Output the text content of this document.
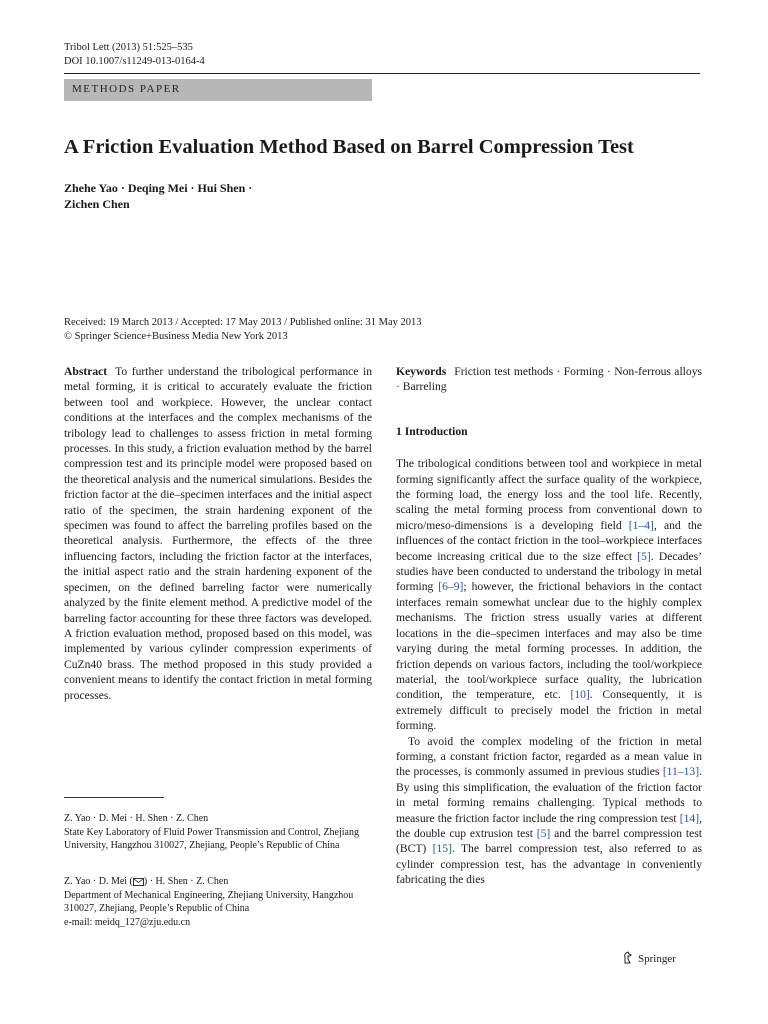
Tribol Lett (2013) 51:525–535
DOI 10.1007/s11249-013-0164-4
METHODS PAPER
A Friction Evaluation Method Based on Barrel Compression Test
Zhehe Yao · Deqing Mei · Hui Shen ·
Zichen Chen
Received: 19 March 2013 / Accepted: 17 May 2013 / Published online: 31 May 2013
© Springer Science+Business Media New York 2013

Abstract To further understand the tribological performance in metal forming, it is critical to accurately evaluate the friction between tool and workpiece. However, the unclear contact conditions at the interfaces and the complex mechanisms of the tribology lead to challenges to assess friction in metal forming processes. In this study, a friction evaluation method by the barrel compression test and its principle model were proposed based on the theoretical analysis and the numerical simulations. Besides the friction factor at the die–specimen interfaces and the initial aspect ratio of the specimen, the strain hardening exponent of the specimen was found to affect the barreling profiles based on the theoretical analysis. Furthermore, the effects of the three influencing factors, including the friction factor at the interfaces, the initial aspect ratio and the strain hardening exponent of the specimen, on the defined barreling factor were numerically analyzed by the finite element method. A predictive model of the barreling factor accounting for these three factors was developed. A friction evaluation method, proposed based on this model, was implemented by various cylinder compression experiments of CuZn40 brass. The method proposed in this study provided a convenient means to identify the contact friction in metal forming processes.

Keywords Friction test methods · Forming · Non-ferrous alloys · Barreling

1 Introduction

The tribological conditions between tool and workpiece in metal forming significantly affect the surface quality of the workpiece, the forming load, the energy loss and the tool life. Recently, scaling the metal forming process from conventional down to micro/meso-dimensions is a developing field [1–4], and the influences of the contact friction in the tool–workpiece interfaces become increasing critical due to the size effect [5]. Decades’ studies have been conducted to understand the tribology in metal forming [6–9]; however, the frictional behaviors in the contact interfaces remain somewhat unclear due to the highly complex mechanisms. The friction stress usually varies at different locations in the die–specimen interfaces and may also be time varying during the metal forming processes. In addition, the friction depends on various factors, including the tool/workpiece material, the tool/workpiece surface quality, the lubrication condition, the temperature, etc. [10]. Consequently, it is extremely difficult to precisely model the friction in metal forming.

To avoid the complex modeling of the friction in metal forming, a constant friction factor, regarded as a mean value in the processes, is commonly assumed in previous studies [11–13]. By using this simplification, the evaluation of the friction factor in metal forming remains challenging. Typical methods to measure the friction factor include the ring compression test [14], the double cup extrusion test [5] and the barrel compression test (BCT) [15]. The barrel compression test, also referred to as cylinder compression test, has the advantage in conveniently fabricating the dies

Z. Yao · D. Mei · H. Shen · Z. Chen
State Key Laboratory of Fluid Power Transmission and Control, Zhejiang University, Hangzhou 310027, Zhejiang, People’s Republic of China
Z. Yao · D. Mei ( ) · H. Shen · Z. Chen
Department of Mechanical Engineering, Zhejiang University, Hangzhou 310027, Zhejiang, People’s Republic of China
e-mail: meidq_127@zju.edu.cn
Springer
